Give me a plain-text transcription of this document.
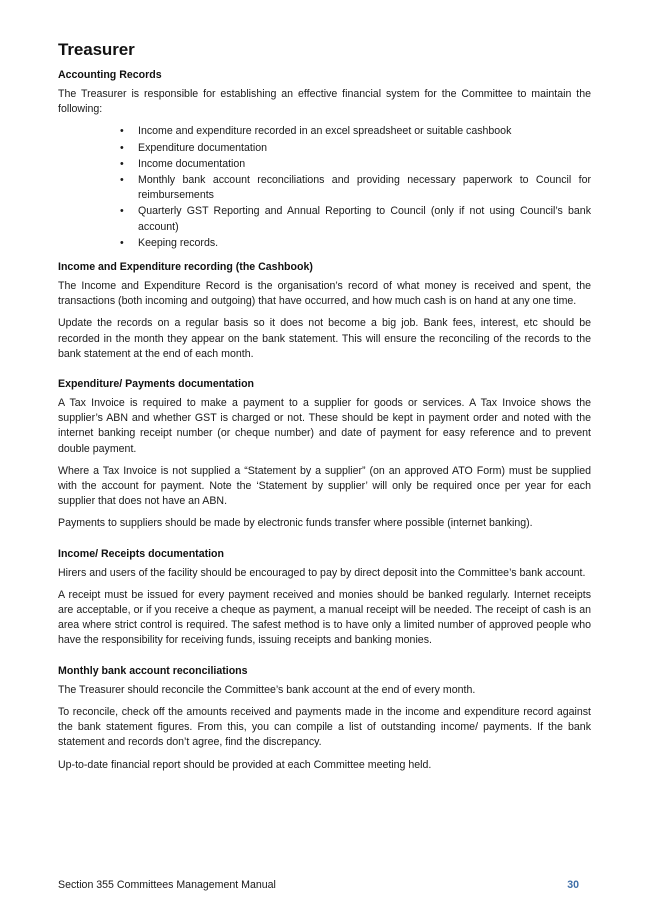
Treasurer
Accounting Records

The Treasurer is responsible for establishing an effective financial system for the Committee to maintain the following:

• Income and expenditure recorded in an excel spreadsheet or suitable cashbook
• Expenditure documentation
• Income documentation
• Monthly bank account reconciliations and providing necessary paperwork to Council for reimbursements
• Quarterly GST Reporting and Annual Reporting to Council (only if not using Council’s bank account)
• Keeping records.
Income and Expenditure recording (the Cashbook)

The Income and Expenditure Record is the organisation’s record of what money is received and spent, the transactions (both incoming and outgoing) that have occurred, and how much cash is on hand at any one time.

Update the records on a regular basis so it does not become a big job. Bank fees, interest, etc should be recorded in the month they appear on the bank statement. This will ensure the reconciling of the records to the bank statement at the end of each month.

Expenditure/ Payments documentation

A Tax Invoice is required to make a payment to a supplier for goods or services. A Tax Invoice shows the supplier’s ABN and whether GST is charged or not. These should be kept in payment order and noted with the internet banking receipt number (or cheque number) and date of payment for easy reference and to prevent double payment.

Where a Tax Invoice is not supplied a “Statement by a supplier” (on an approved ATO Form) must be supplied with the account for payment. Note the ‘Statement by supplier’ will only be required once per year for each supplier that does not have an ABN.

Payments to suppliers should be made by electronic funds transfer where possible (internet banking).

Income/ Receipts documentation

Hirers and users of the facility should be encouraged to pay by direct deposit into the Committee’s bank account.

A receipt must be issued for every payment received and monies should be banked regularly. Internet receipts are acceptable, or if you receive a cheque as payment, a manual receipt will be needed. The receipt of cash is an area where strict control is required. The safest method is to have only a limited number of approved people who have the responsibility for receiving funds, issuing receipts and banking monies.

Monthly bank account reconciliations

The Treasurer should reconcile the Committee’s bank account at the end of every month.

To reconcile, check off the amounts received and payments made in the income and expenditure record against the bank statement figures. From this, you can compile a list of outstanding income/ payments. If the bank statement and records don’t agree, find the discrepancy.

Up-to-date financial report should be provided at each Committee meeting held.

Section 355 Committees Management Manual	30
